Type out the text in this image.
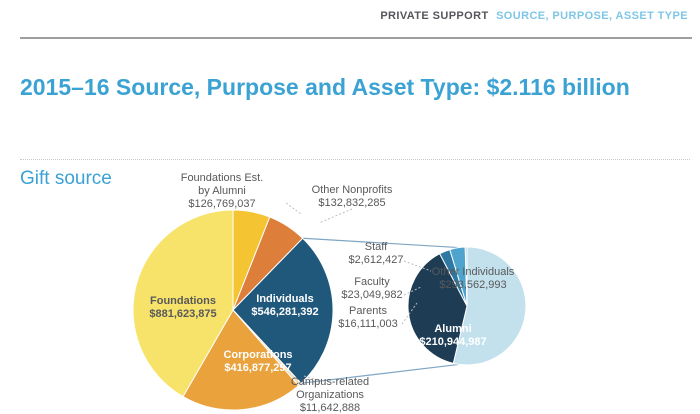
PRIVATE SUPPORT SOURCE, PURPOSE, ASSET TYPE
2015–16 Source, Purpose and Asset Type: $2.116 billion
Gift source	Foundations Est. by Alumni
$126,769,037
Other Nonprofits
$132,832,285
Campus-related Organizations
$11,642,888
Foundations
$881,623,875
Individuals
$546,281,392
Corporations
$416,877,297
Staff
$2,612,427
Faculty
$23,049,982
Parents
$16,111,003
Other Individuals
$293,562,993
Alumni
$210,944,987
